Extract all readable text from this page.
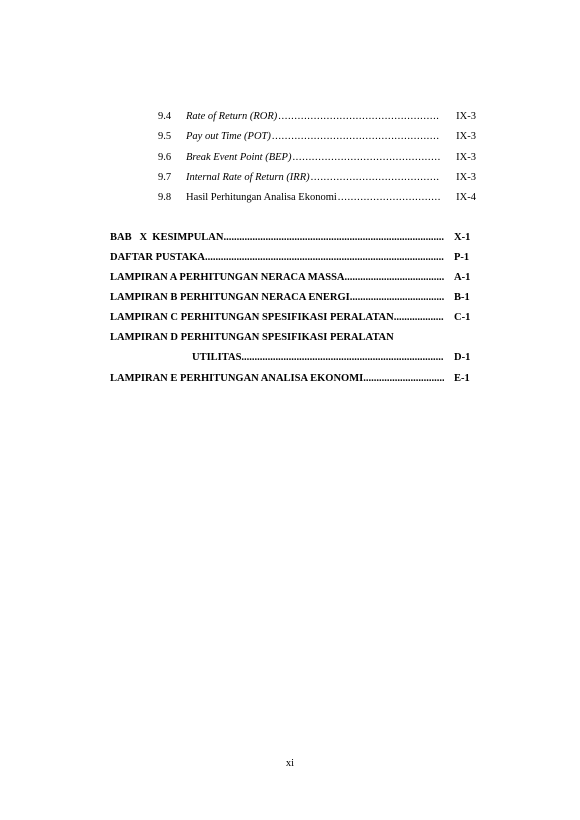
9.4 Rate of Return (ROR) .....	IX-3
9.5 Pay out Time (POT) .....	IX-3
9.6 Break Event Point (BEP) .....	IX-3
9.7 Internal Rate of Return (IRR) .....	IX-3
9.8 Hasil Perhitungan Analisa Ekonomi .....	IX-4
BAB   X  KESIMPULAN .....	X-1
DAFTAR PUSTAKA .....	P-1
LAMPIRAN A PERHITUNGAN NERACA MASSA .....	A-1
LAMPIRAN B PERHITUNGAN NERACA ENERGI .....	B-1
LAMPIRAN C PERHITUNGAN SPESIFIKASI PERALATAN .....	C-1
LAMPIRAN D PERHITUNGAN SPESIFIKASI PERALATAN
UTILITAS .....	D-1
LAMPIRAN E PERHITUNGAN ANALISA EKONOMI .....	E-1
xi
